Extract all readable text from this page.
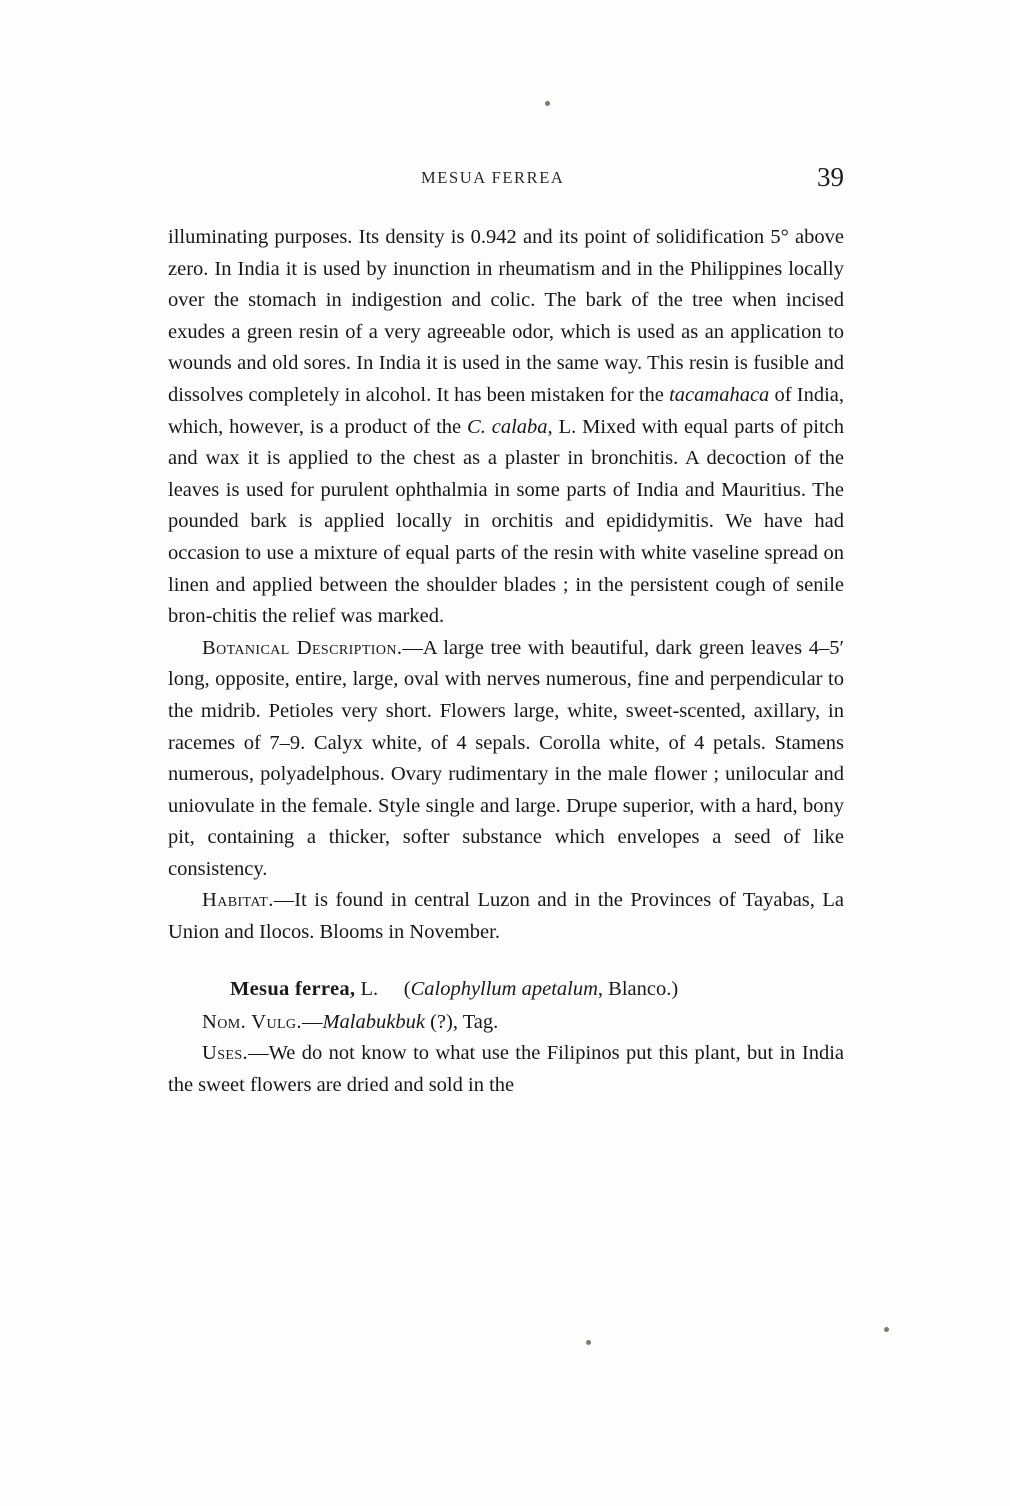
MESUA FERREA	39

illuminating purposes. Its density is 0.942 and its point of solidification 5° above zero. In India it is used by inunction in rheumatism and in the Philippines locally over the stomach in indigestion and colic. The bark of the tree when incised exudes a green resin of a very agreeable odor, which is used as an application to wounds and old sores. In India it is used in the same way. This resin is fusible and dissolves completely in alcohol. It has been mistaken for the tacamahaca of India, which, however, is a product of the C. calaba, L. Mixed with equal parts of pitch and wax it is applied to the chest as a plaster in bronchitis. A decoction of the leaves is used for purulent ophthalmia in some parts of India and Mauritius. The pounded bark is applied locally in orchitis and epididymitis. We have had occasion to use a mixture of equal parts of the resin with white vaseline spread on linen and applied between the shoulder blades ; in the persistent cough of senile bron-chitis the relief was marked.

Botanical Description.—A large tree with beautiful, dark green leaves 4–5′ long, opposite, entire, large, oval with nerves numerous, fine and perpendicular to the midrib. Petioles very short. Flowers large, white, sweet-scented, axillary, in racemes of 7–9. Calyx white, of 4 sepals. Corolla white, of 4 petals. Stamens numerous, polyadelphous. Ovary rudimentary in the male flower ; unilocular and uniovulate in the female. Style single and large. Drupe superior, with a hard, bony pit, containing a thicker, softer substance which envelopes a seed of like consistency.

Habitat.—It is found in central Luzon and in the Provinces of Tayabas, La Union and Ilocos. Blooms in November.

Mesua ferrea, L. (Calophyllum apetalum, Blanco.)

Nom. Vulg.—Malabukbuk (?), Tag.

Uses.—We do not know to what use the Filipinos put this plant, but in India the sweet flowers are dried and sold in the
